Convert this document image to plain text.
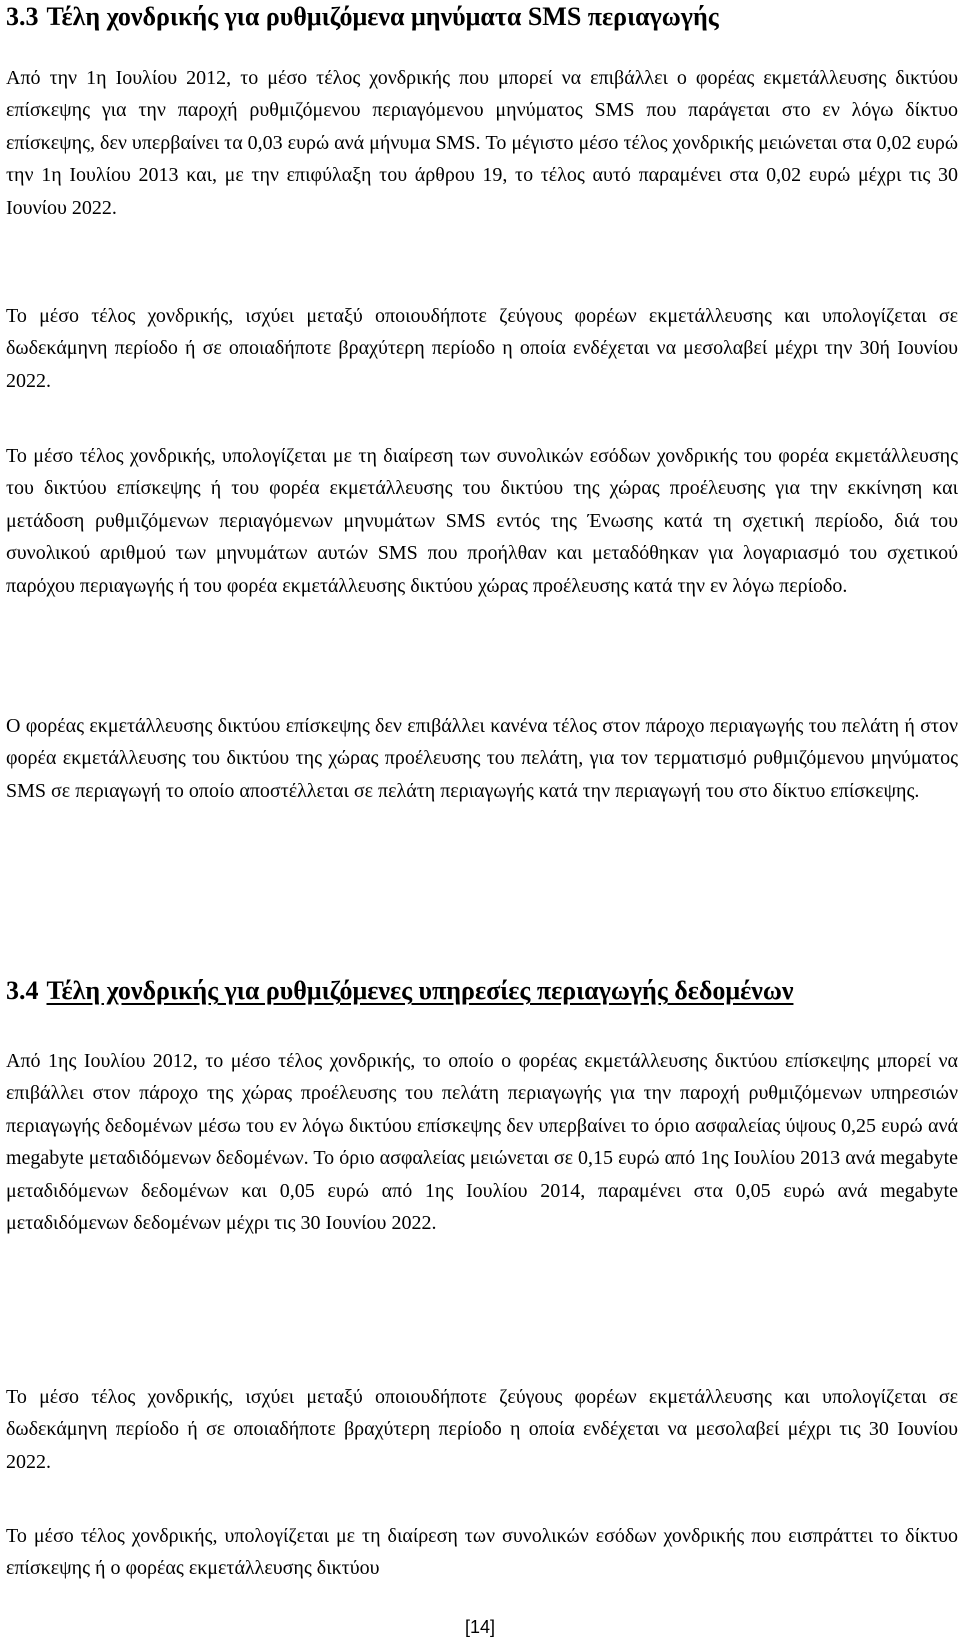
3.3 Τέλη χονδρικής για ρυθμιζόμενα μηνύματα SMS περιαγωγής

Από την 1η Ιουλίου 2012, το μέσο τέλος χονδρικής που μπορεί να επιβάλλει ο φορέας εκμετάλλευσης δικτύου επίσκεψης για την παροχή ρυθμιζόμενου περιαγόμενου μηνύματος SMS που παράγεται στο εν λόγω δίκτυο επίσκεψης, δεν υπερβαίνει τα 0,03 ευρώ ανά μήνυμα SMS. Το μέγιστο μέσο τέλος χονδρικής μειώνεται στα 0,02 ευρώ την 1η Ιουλίου 2013 και, με την επιφύλαξη του άρθρου 19, το τέλος αυτό παραμένει στα 0,02 ευρώ μέχρι τις 30 Ιουνίου 2022.

Το μέσο τέλος χονδρικής, ισχύει μεταξύ οποιουδήποτε ζεύγους φορέων εκμετάλλευσης και υπολογίζεται σε δωδεκάμηνη περίοδο ή σε οποιαδήποτε βραχύτερη περίοδο η οποία ενδέχεται να μεσολαβεί μέχρι την 30ή Ιουνίου 2022.

Το μέσο τέλος χονδρικής, υπολογίζεται με τη διαίρεση των συνολικών εσόδων χονδρικής του φορέα εκμετάλλευσης του δικτύου επίσκεψης ή του φορέα εκμετάλλευσης του δικτύου της χώρας προέλευσης για την εκκίνηση και μετάδοση ρυθμιζόμενων περιαγόμενων μηνυμάτων SMS εντός της Ένωσης κατά τη σχετική περίοδο, διά του συνολικού αριθμού των μηνυμάτων αυτών SMS που προήλθαν και μεταδόθηκαν για λογαριασμό του σχετικού παρόχου περιαγωγής ή του φορέα εκμετάλλευσης δικτύου χώρας προέλευσης κατά την εν λόγω περίοδο.

Ο φορέας εκμετάλλευσης δικτύου επίσκεψης δεν επιβάλλει κανένα τέλος στον πάροχο περιαγωγής του πελάτη ή στον φορέα εκμετάλλευσης του δικτύου της χώρας προέλευσης του πελάτη, για τον τερματισμό ρυθμιζόμενου μηνύματος SMS σε περιαγωγή το οποίο αποστέλλεται σε πελάτη περιαγωγής κατά την περιαγωγή του στο δίκτυο επίσκεψης.

3.4 Τέλη χονδρικής για ρυθμιζόμενες υπηρεσίες περιαγωγής δεδομένων

Από 1ης Ιουλίου 2012, το μέσο τέλος χονδρικής, το οποίο ο φορέας εκμετάλλευσης δικτύου επίσκεψης μπορεί να επιβάλλει στον πάροχο της χώρας προέλευσης του πελάτη περιαγωγής για την παροχή ρυθμιζόμενων υπηρεσιών περιαγωγής δεδομένων μέσω του εν λόγω δικτύου επίσκεψης δεν υπερβαίνει το όριο ασφαλείας ύψους 0,25 ευρώ ανά megabyte μεταδιδόμενων δεδομένων. Το όριο ασφαλείας μειώνεται σε 0,15 ευρώ από 1ης Ιουλίου 2013 ανά megabyte μεταδιδόμενων δεδομένων και 0,05 ευρώ από 1ης Ιουλίου 2014, παραμένει στα 0,05 ευρώ ανά megabyte μεταδιδόμενων δεδομένων μέχρι τις 30 Ιουνίου 2022.

Το μέσο τέλος χονδρικής, ισχύει μεταξύ οποιουδήποτε ζεύγους φορέων εκμετάλλευσης και υπολογίζεται σε δωδεκάμηνη περίοδο ή σε οποιαδήποτε βραχύτερη περίοδο η οποία ενδέχεται να μεσολαβεί μέχρι τις 30 Ιουνίου 2022.

Το μέσο τέλος χονδρικής, υπολογίζεται με τη διαίρεση των συνολικών εσόδων χονδρικής που εισπράττει το δίκτυο επίσκεψης ή ο φορέας εκμετάλλευσης δικτύου

[14]
